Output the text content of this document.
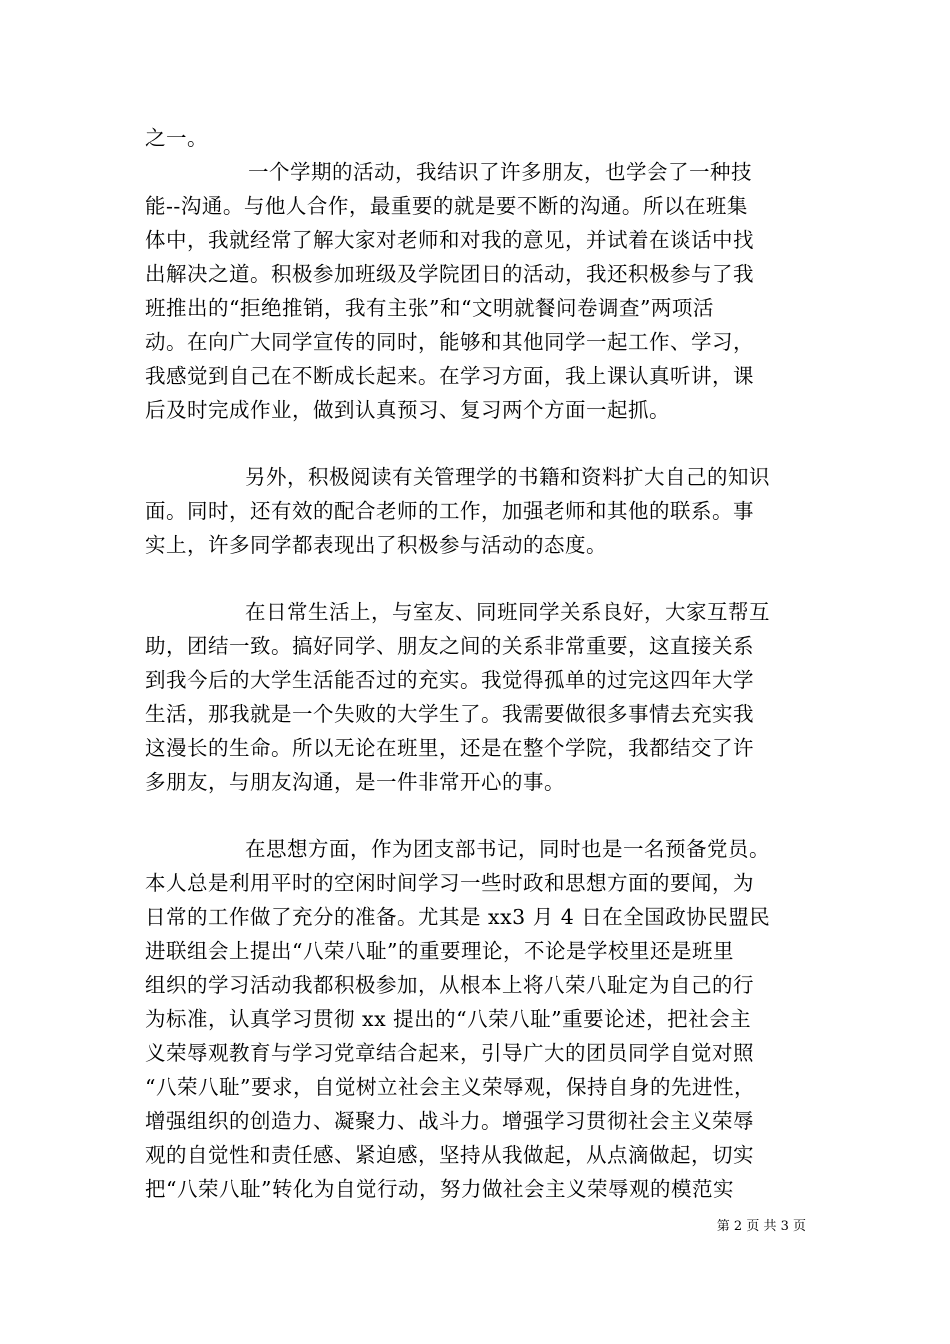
之一。
一个学期的活动，我结识了许多朋友，也学会了一种技
能--沟通。与他人合作，最重要的就是要不断的沟通。所以在班集
体中，我就经常了解大家对老师和对我的意见，并试着在谈话中找
出解决之道。积极参加班级及学院团日的活动，我还积极参与了我
班推出的“拒绝推销，我有主张”和“文明就餐问卷调查”两项活
动。在向广大同学宣传的同时，能够和其他同学一起工作、学习，
我感觉到自己在不断成长起来。在学习方面，我上课认真听讲，课
后及时完成作业，做到认真预习、复习两个方面一起抓。
另外，积极阅读有关管理学的书籍和资料扩大自己的知识
面。同时，还有效的配合老师的工作，加强老师和其他的联系。事
实上，许多同学都表现出了积极参与活动的态度。
在日常生活上，与室友、同班同学关系良好，大家互帮互
助，团结一致。搞好同学、朋友之间的关系非常重要，这直接关系
到我今后的大学生活能否过的充实。我觉得孤单的过完这四年大学
生活，那我就是一个失败的大学生了。我需要做很多事情去充实我
这漫长的生命。所以无论在班里，还是在整个学院，我都结交了许
多朋友，与朋友沟通，是一件非常开心的事。
在思想方面，作为团支部书记，同时也是一名预备党员。
本人总是利用平时的空闲时间学习一些时政和思想方面的要闻，为
日常的工作做了充分的准备。尤其是 xx3 月 4 日在全国政协民盟民
进联组会上提出“八荣八耻”的重要理论，不论是学校里还是班里
组织的学习活动我都积极参加，从根本上将八荣八耻定为自己的行
为标准，认真学习贯彻 xx 提出的“八荣八耻”重要论述，把社会主
义荣辱观教育与学习党章结合起来，引导广大的团员同学自觉对照
“八荣八耻”要求，自觉树立社会主义荣辱观，保持自身的先进性，
增强组织的创造力、凝聚力、战斗力。增强学习贯彻社会主义荣辱
观的自觉性和责任感、紧迫感，坚持从我做起，从点滴做起，切实
把“八荣八耻”转化为自觉行动，努力做社会主义荣辱观的模范实
第 2 页 共 3 页
